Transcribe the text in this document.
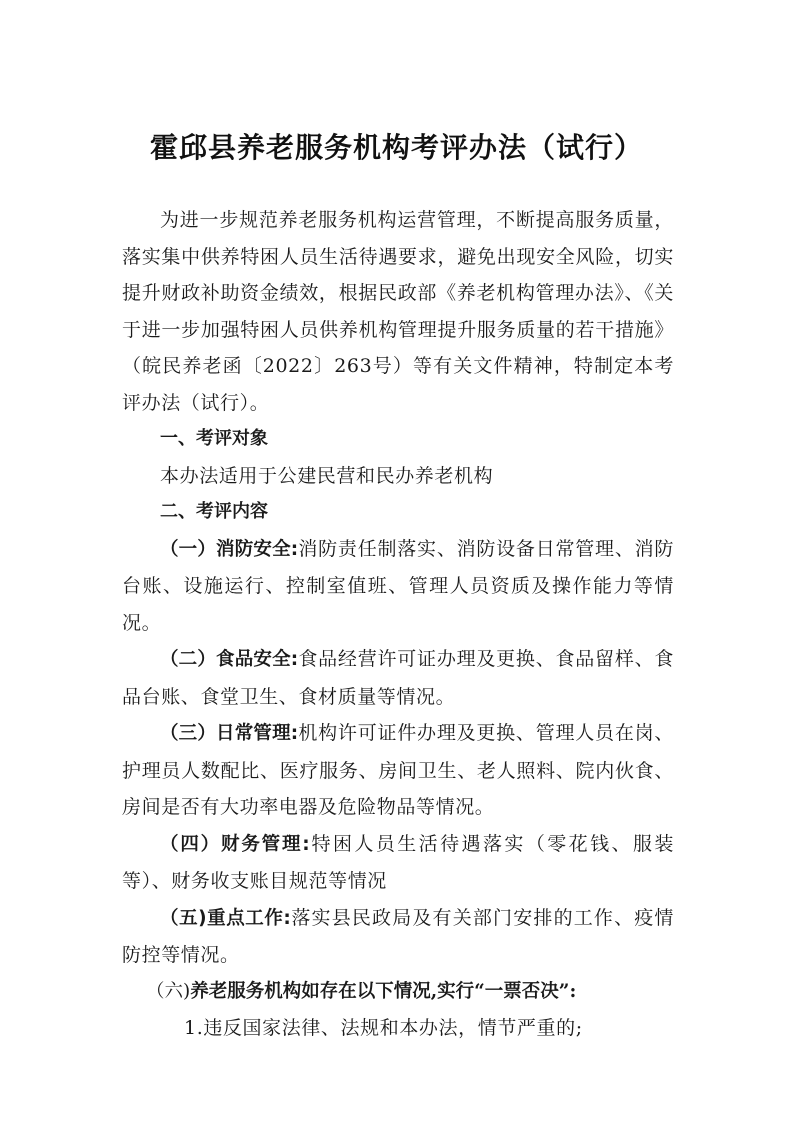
霍邱县养老服务机构考评办法（试行）

为进一步规范养老服务机构运营管理，不断提高服务质量，落实集中供养特困人员生活待遇要求，避免出现安全风险，切实提升财政补助资金绩效，根据民政部《养老机构管理办法》、《关于进一步加强特困人员供养机构管理提升服务质量的若干措施》（皖民养老函〔2022〕263号）等有关文件精神，特制定本考评办法（试行）。

一、考评对象

本办法适用于公建民营和民办养老机构

二、考评内容

（一）消防安全:消防责任制落实、消防设备日常管理、消防台账、设施运行、控制室值班、管理人员资质及操作能力等情况。

（二）食品安全:食品经营许可证办理及更换、食品留样、食品台账、食堂卫生、食材质量等情况。

（三）日常管理:机构许可证件办理及更换、管理人员在岗、护理员人数配比、医疗服务、房间卫生、老人照料、院内伙食、房间是否有大功率电器及危险物品等情况。

（四）财务管理:特困人员生活待遇落实（零花钱、服装等）、财务收支账目规范等情况

（五)重点工作:落实县民政局及有关部门安排的工作、疫情防控等情况。

（六)养老服务机构如存在以下情况,实行“一票否决”:

1.违反国家法律、法规和本办法，情节严重的;
